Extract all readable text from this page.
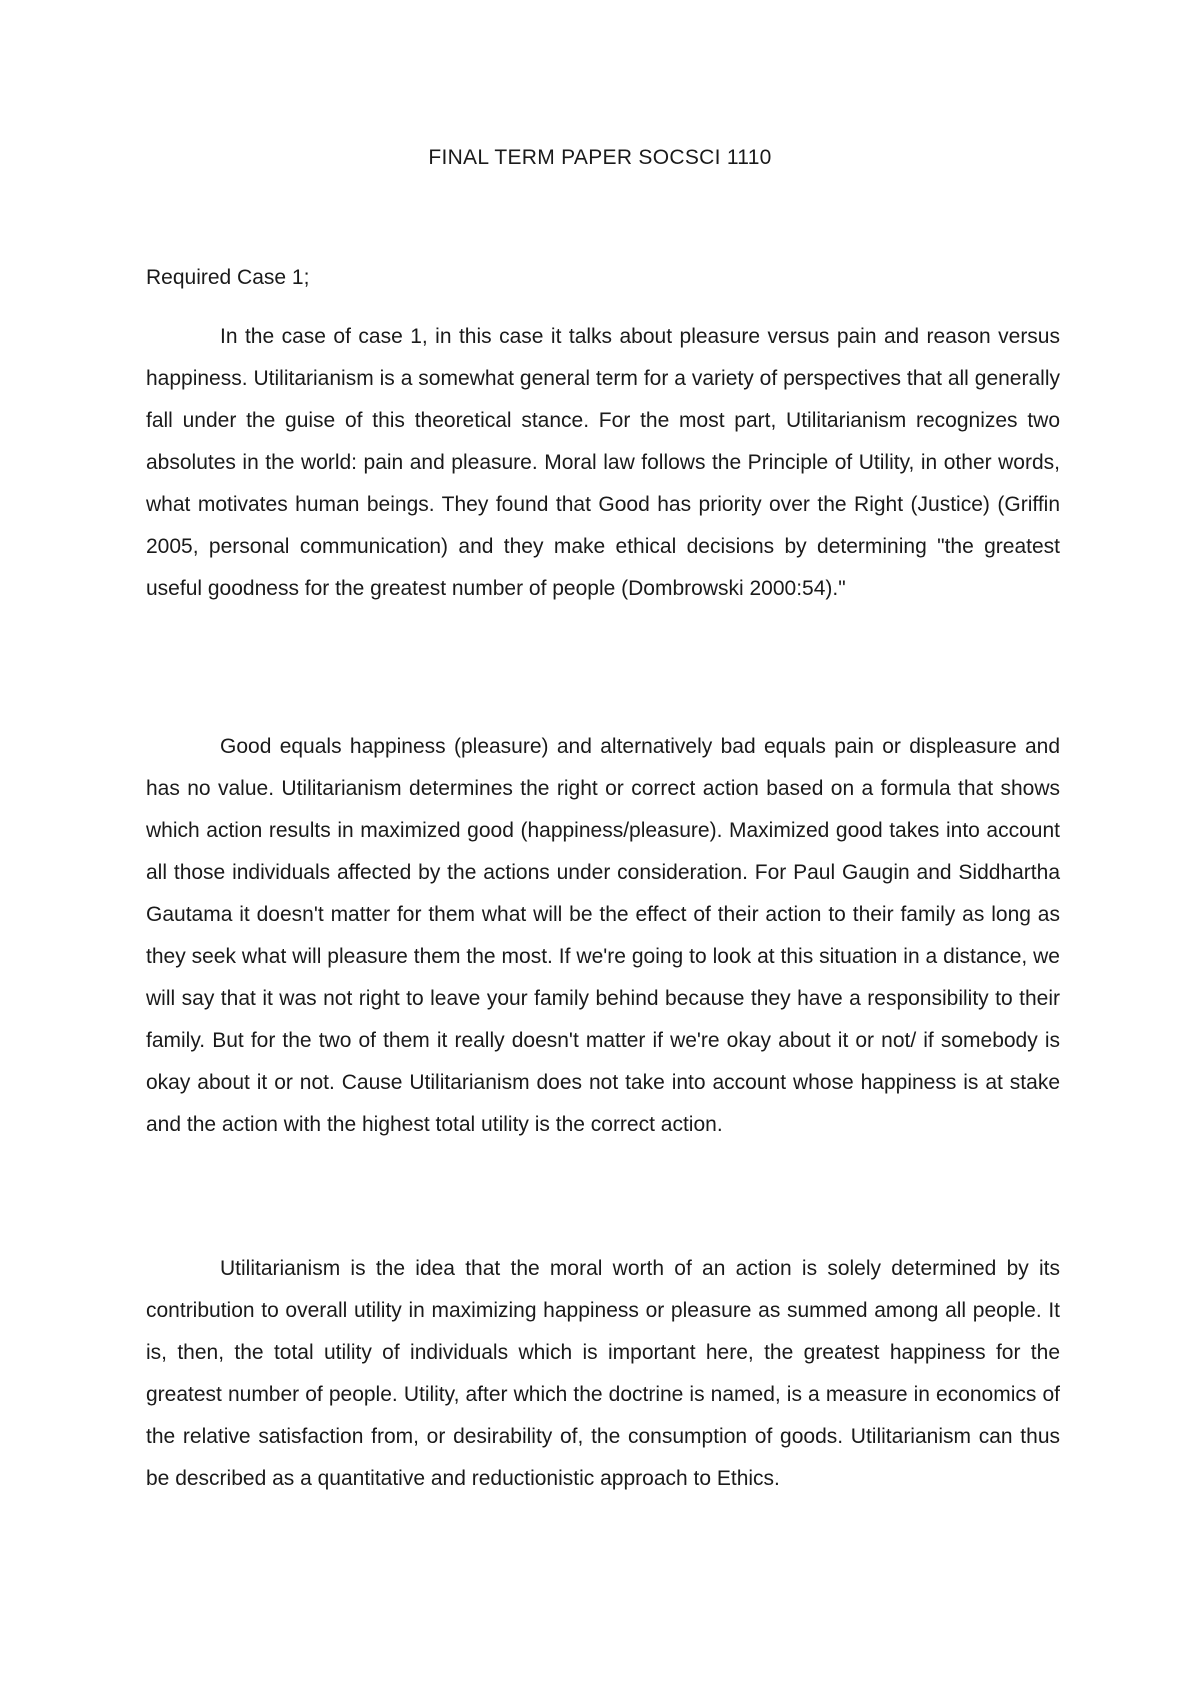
FINAL TERM PAPER SOCSCI 1110
Required Case 1;

In the case of case 1, in this case it talks about pleasure versus pain and reason versus happiness. Utilitarianism is a somewhat general term for a variety of perspectives that all generally fall under the guise of this theoretical stance. For the most part, Utilitarianism recognizes two absolutes in the world: pain and pleasure. Moral law follows the Principle of Utility, in other words, what motivates human beings. They found that Good has priority over the Right (Justice) (Griffin 2005, personal communication) and they make ethical decisions by determining "the greatest useful goodness for the greatest number of people (Dombrowski 2000:54)."

Good equals happiness (pleasure) and alternatively bad equals pain or displeasure and has no value. Utilitarianism determines the right or correct action based on a formula that shows which action results in maximized good (happiness/pleasure). Maximized good takes into account all those individuals affected by the actions under consideration. For Paul Gaugin and Siddhartha Gautama it doesn't matter for them what will be the effect of their action to their family as long as they seek what will pleasure them the most. If we're going to look at this situation in a distance, we will say that it was not right to leave your family behind because they have a responsibility to their family. But for the two of them it really doesn't matter if we're okay about it or not/ if somebody is okay about it or not. Cause Utilitarianism does not take into account whose happiness is at stake and the action with the highest total utility is the correct action.

Utilitarianism is the idea that the moral worth of an action is solely determined by its contribution to overall utility in maximizing happiness or pleasure as summed among all people. It is, then, the total utility of individuals which is important here, the greatest happiness for the greatest number of people. Utility, after which the doctrine is named, is a measure in economics of the relative satisfaction from, or desirability of, the consumption of goods. Utilitarianism can thus be described as a quantitative and reductionistic approach to Ethics.
